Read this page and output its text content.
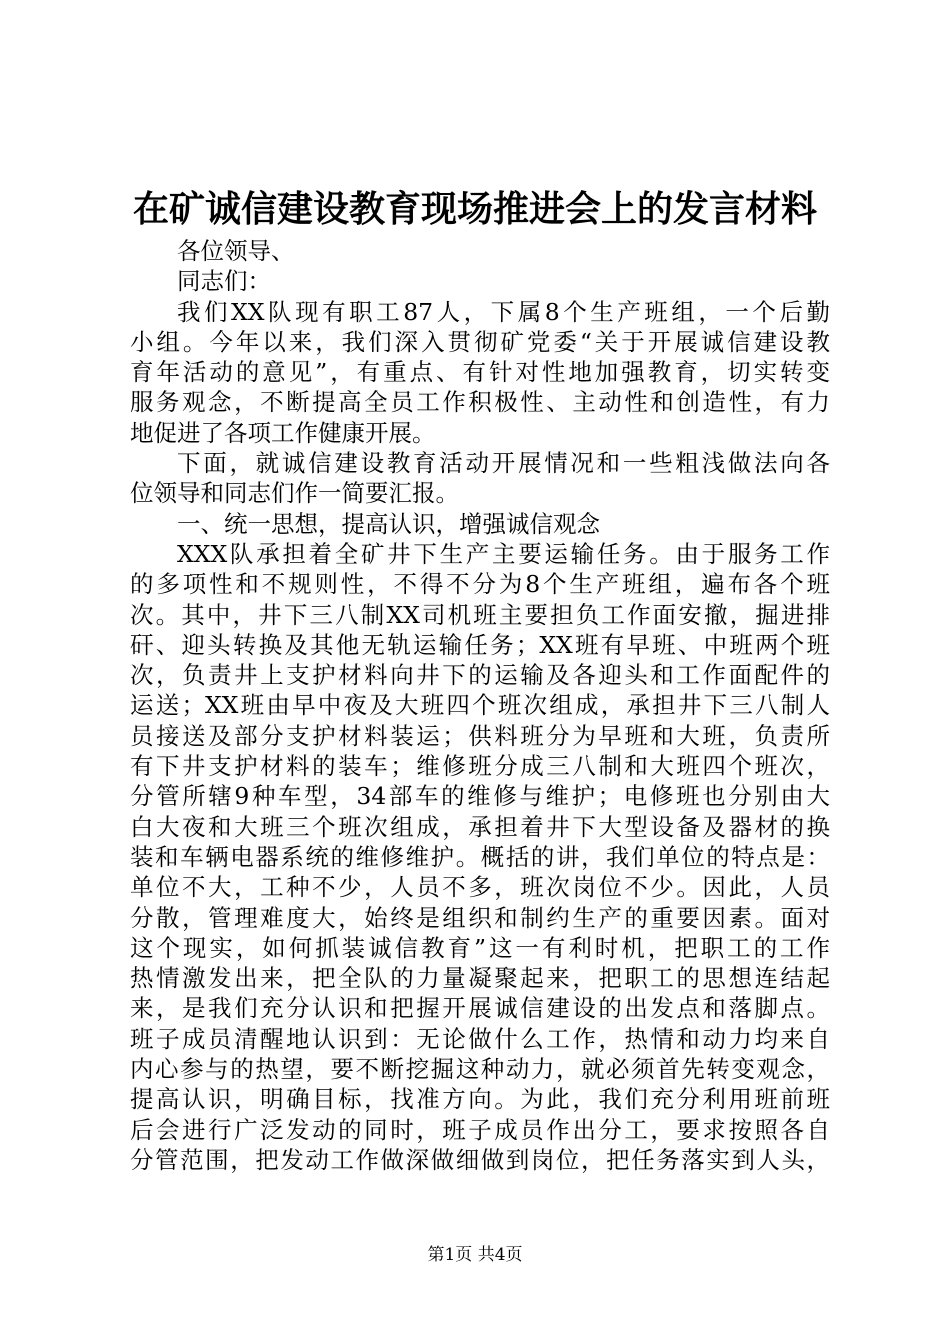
在矿诚信建设教育现场推进会上的发言材料
各位领导、
同志们：
我们XX队现有职工87人，下属8个生产班组，一个后勤
小组。今年以来，我们深入贯彻矿党委“关于开展诚信建设教
育年活动的意见”，有重点、有针对性地加强教育，切实转变
服务观念，不断提高全员工作积极性、主动性和创造性，有力
地促进了各项工作健康开展。
下面，就诚信建设教育活动开展情况和一些粗浅做法向各
位领导和同志们作一简要汇报。
一、统一思想，提高认识，增强诚信观念
XXX队承担着全矿井下生产主要运输任务。由于服务工作
的多项性和不规则性，不得不分为8个生产班组，遍布各个班
次。其中，井下三八制XX司机班主要担负工作面安撤，掘进排
矸、迎头转换及其他无轨运输任务；XX班有早班、中班两个班
次，负责井上支护材料向井下的运输及各迎头和工作面配件的
运送；XX班由早中夜及大班四个班次组成，承担井下三八制人
员接送及部分支护材料装运；供料班分为早班和大班，负责所
有下井支护材料的装车；维修班分成三八制和大班四个班次，
分管所辖9种车型，34部车的维修与维护；电修班也分别由大
白大夜和大班三个班次组成，承担着井下大型设备及器材的换
装和车辆电器系统的维修维护。概括的讲，我们单位的特点是：
单位不大，工种不少，人员不多，班次岗位不少。因此，人员
分散，管理难度大，始终是组织和制约生产的重要因素。面对
这个现实，如何抓装诚信教育”这一有利时机，把职工的工作
热情激发出来，把全队的力量凝聚起来，把职工的思想连结起
来，是我们充分认识和把握开展诚信建设的出发点和落脚点。
班子成员清醒地认识到：无论做什么工作，热情和动力均来自
内心参与的热望，要不断挖掘这种动力，就必须首先转变观念，
提高认识，明确目标，找准方向。为此，我们充分利用班前班
后会进行广泛发动的同时，班子成员作出分工，要求按照各自
分管范围，把发动工作做深做细做到岗位，把任务落实到人头，
第1页 共4页
